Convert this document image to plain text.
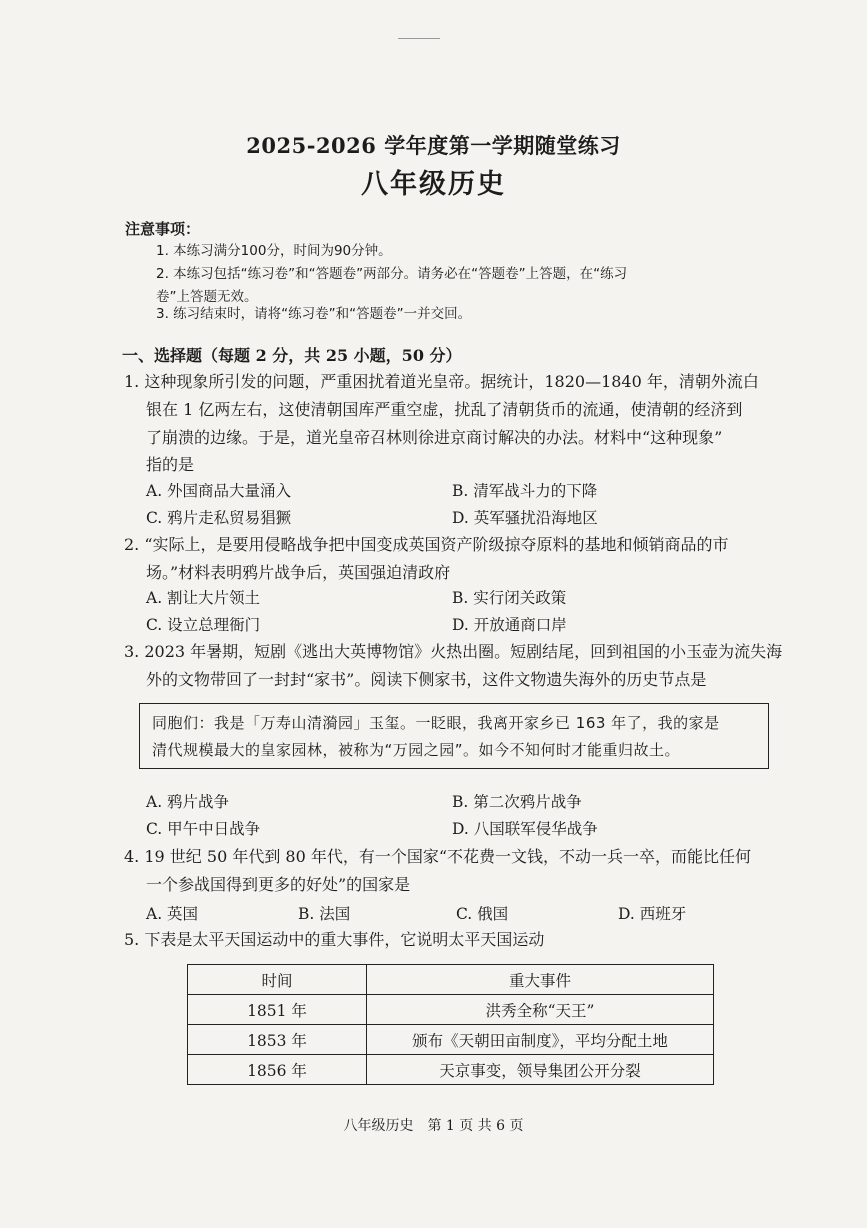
2025-2026 学年度第一学期随堂练习
八年级历史
注意事项：
1. 本练习满分100分，时间为90分钟。
2. 本练习包括“练习卷”和“答题卷”两部分。请务必在“答题卷”上答题，在“练习
卷”上答题无效。
3. 练习结束时，请将“练习卷”和“答题卷”一并交回。
一、选择题（每题 2 分，共 25 小题，50 分）
1. 这种现象所引发的问题，严重困扰着道光皇帝。据统计，1820—1840 年，清朝外流白
银在 1 亿两左右，这使清朝国库严重空虚，扰乱了清朝货币的流通，使清朝的经济到
了崩溃的边缘。于是，道光皇帝召林则徐进京商讨解决的办法。材料中“这种现象”
指的是
A. 外国商品大量涌入	B. 清军战斗力的下降
C. 鸦片走私贸易猖獗	D. 英军骚扰沿海地区
2. “实际上，是要用侵略战争把中国变成英国资产阶级掠夺原料的基地和倾销商品的市
场。”材料表明鸦片战争后，英国强迫清政府
A. 割让大片领土	B. 实行闭关政策
C. 设立总理衙门	D. 开放通商口岸
3. 2023 年暑期，短剧《逃出大英博物馆》火热出圈。短剧结尾，回到祖国的小玉壶为流失海
外的文物带回了一封封“家书”。阅读下侧家书，这件文物遗失海外的历史节点是
同胞们：我是「万寿山清漪园」玉玺。一眨眼，我离开家乡已 163 年了，我的家是
清代规模最大的皇家园林，被称为“万园之园”。如今不知何时才能重归故土。
A. 鸦片战争	B. 第二次鸦片战争
C. 甲午中日战争	D. 八国联军侵华战争
4. 19 世纪 50 年代到 80 年代，有一个国家“不花费一文钱，不动一兵一卒，而能比任何
一个参战国得到更多的好处”的国家是
A. 英国	B. 法国	C. 俄国	D. 西班牙
5. 下表是太平天国运动中的重大事件，它说明太平天国运动
时间	重大事件
1851 年	洪秀全称“天王”
1853 年	颁布《天朝田亩制度》，平均分配土地
1856 年	天京事变，领导集团公开分裂
八年级历史　第 1 页 共 6 页
